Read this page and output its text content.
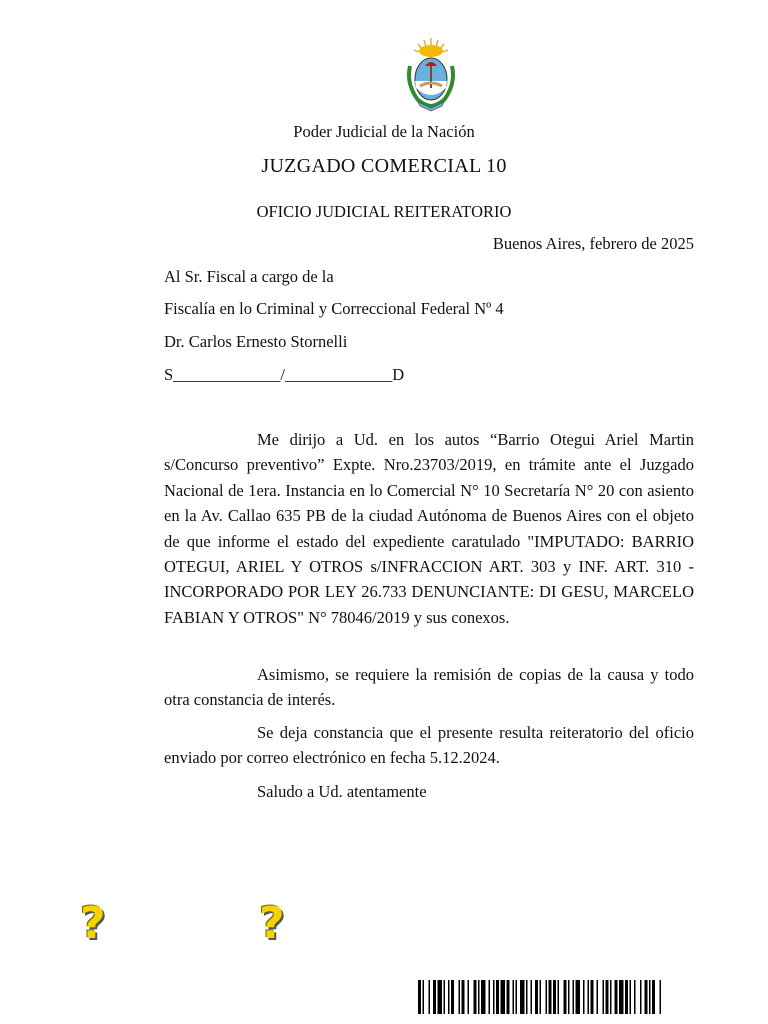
Poder Judicial de la Nación

JUZGADO COMERCIAL 10

OFICIO JUDICIAL REITERATORIO

Buenos Aires, febrero de 2025

Al Sr. Fiscal a cargo de la

Fiscalía en lo Criminal y Correccional Federal Nº 4

Dr. Carlos Ernesto Stornelli

S_____________/_____________D

Me dirijo a Ud. en los autos “Barrio Otegui Ariel Martin s/Concurso preventivo” Expte. Nro.23703/2019, en trámite ante el Juzgado Nacional de 1era. Instancia en lo Comercial N° 10 Secretaría N° 20 con asiento en la Av. Callao 635 PB de la ciudad Autónoma de Buenos Aires con el objeto de que informe el estado del expediente caratulado "IMPUTADO: BARRIO OTEGUI, ARIEL Y OTROS s/INFRACCION ART. 303 y INF. ART. 310 - INCORPORADO POR LEY 26.733 DENUNCIANTE: DI GESU, MARCELO FABIAN Y OTROS" N° 78046/2019 y sus conexos.

Asimismo, se requiere la remisión de copias de la causa y todo otra constancia de interés.

Se deja constancia que el presente resulta reiteratorio del oficio enviado por correo electrónico en fecha 5.12.2024.

Saludo a Ud. atentamente

?	?
